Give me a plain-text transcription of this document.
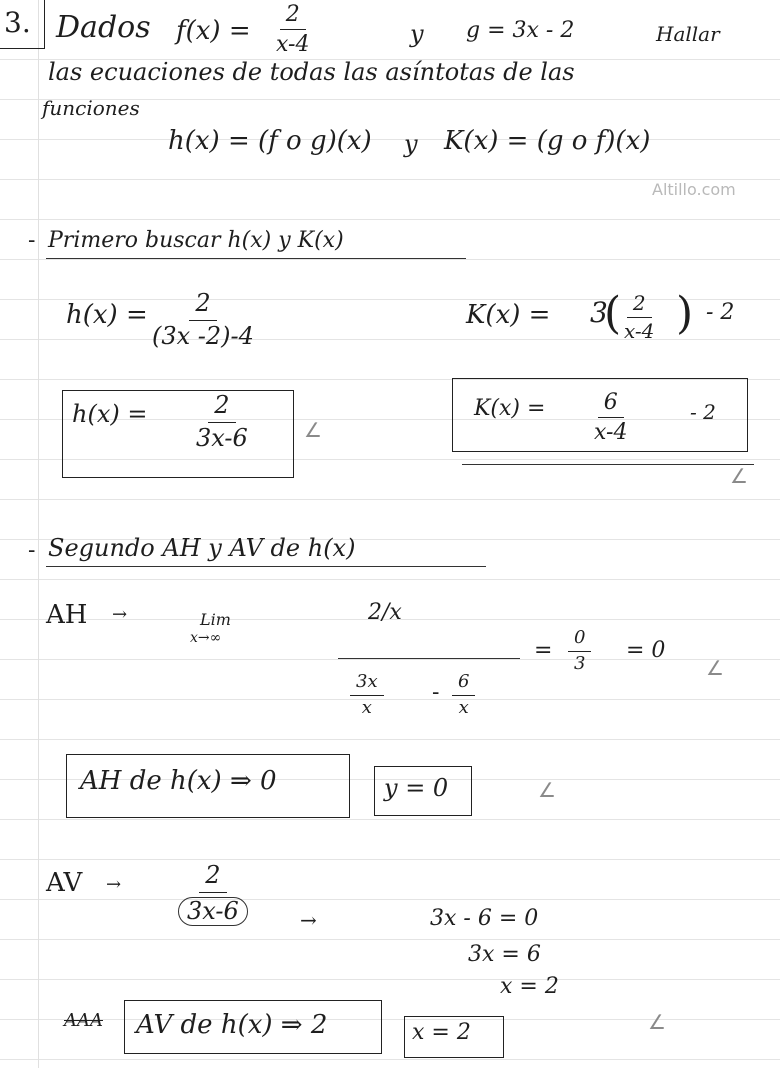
3. Dados $f(x) = \frac{2}{x-4}$	y g = 3x - 2	Hallar
las ecuaciones de todas las asíntotas de las
funciones
h(x) = (f o g)(x) y K(x) = (g o f)(x)
Altillo.com
- Primero buscar h(x) y K(x)
h(x) =
$\frac{2}{(3x -2)-4}$	K(x) = 3
(
$\frac{2}{x-4}$ ) - 2
$h(x) = \frac{2}{3x-6}$	∠
$K(x) = \frac{6}{x-4}$	- 2
∠
- Segundo AH y AV de h(x)
AH →	Lim
x→∞
2/x
$\frac{3x}{x} - \frac{6}{x}$
= $\frac{0}{3} = 0$
∠
AH de h(x) ⇒ 0	y = 0	∠
AV → $\frac{2}{3x-6}$	→	3x - 6 = 0
3x = 6
x = 2
AAA AV de h(x) ⇒ 2	x = 2	∠
